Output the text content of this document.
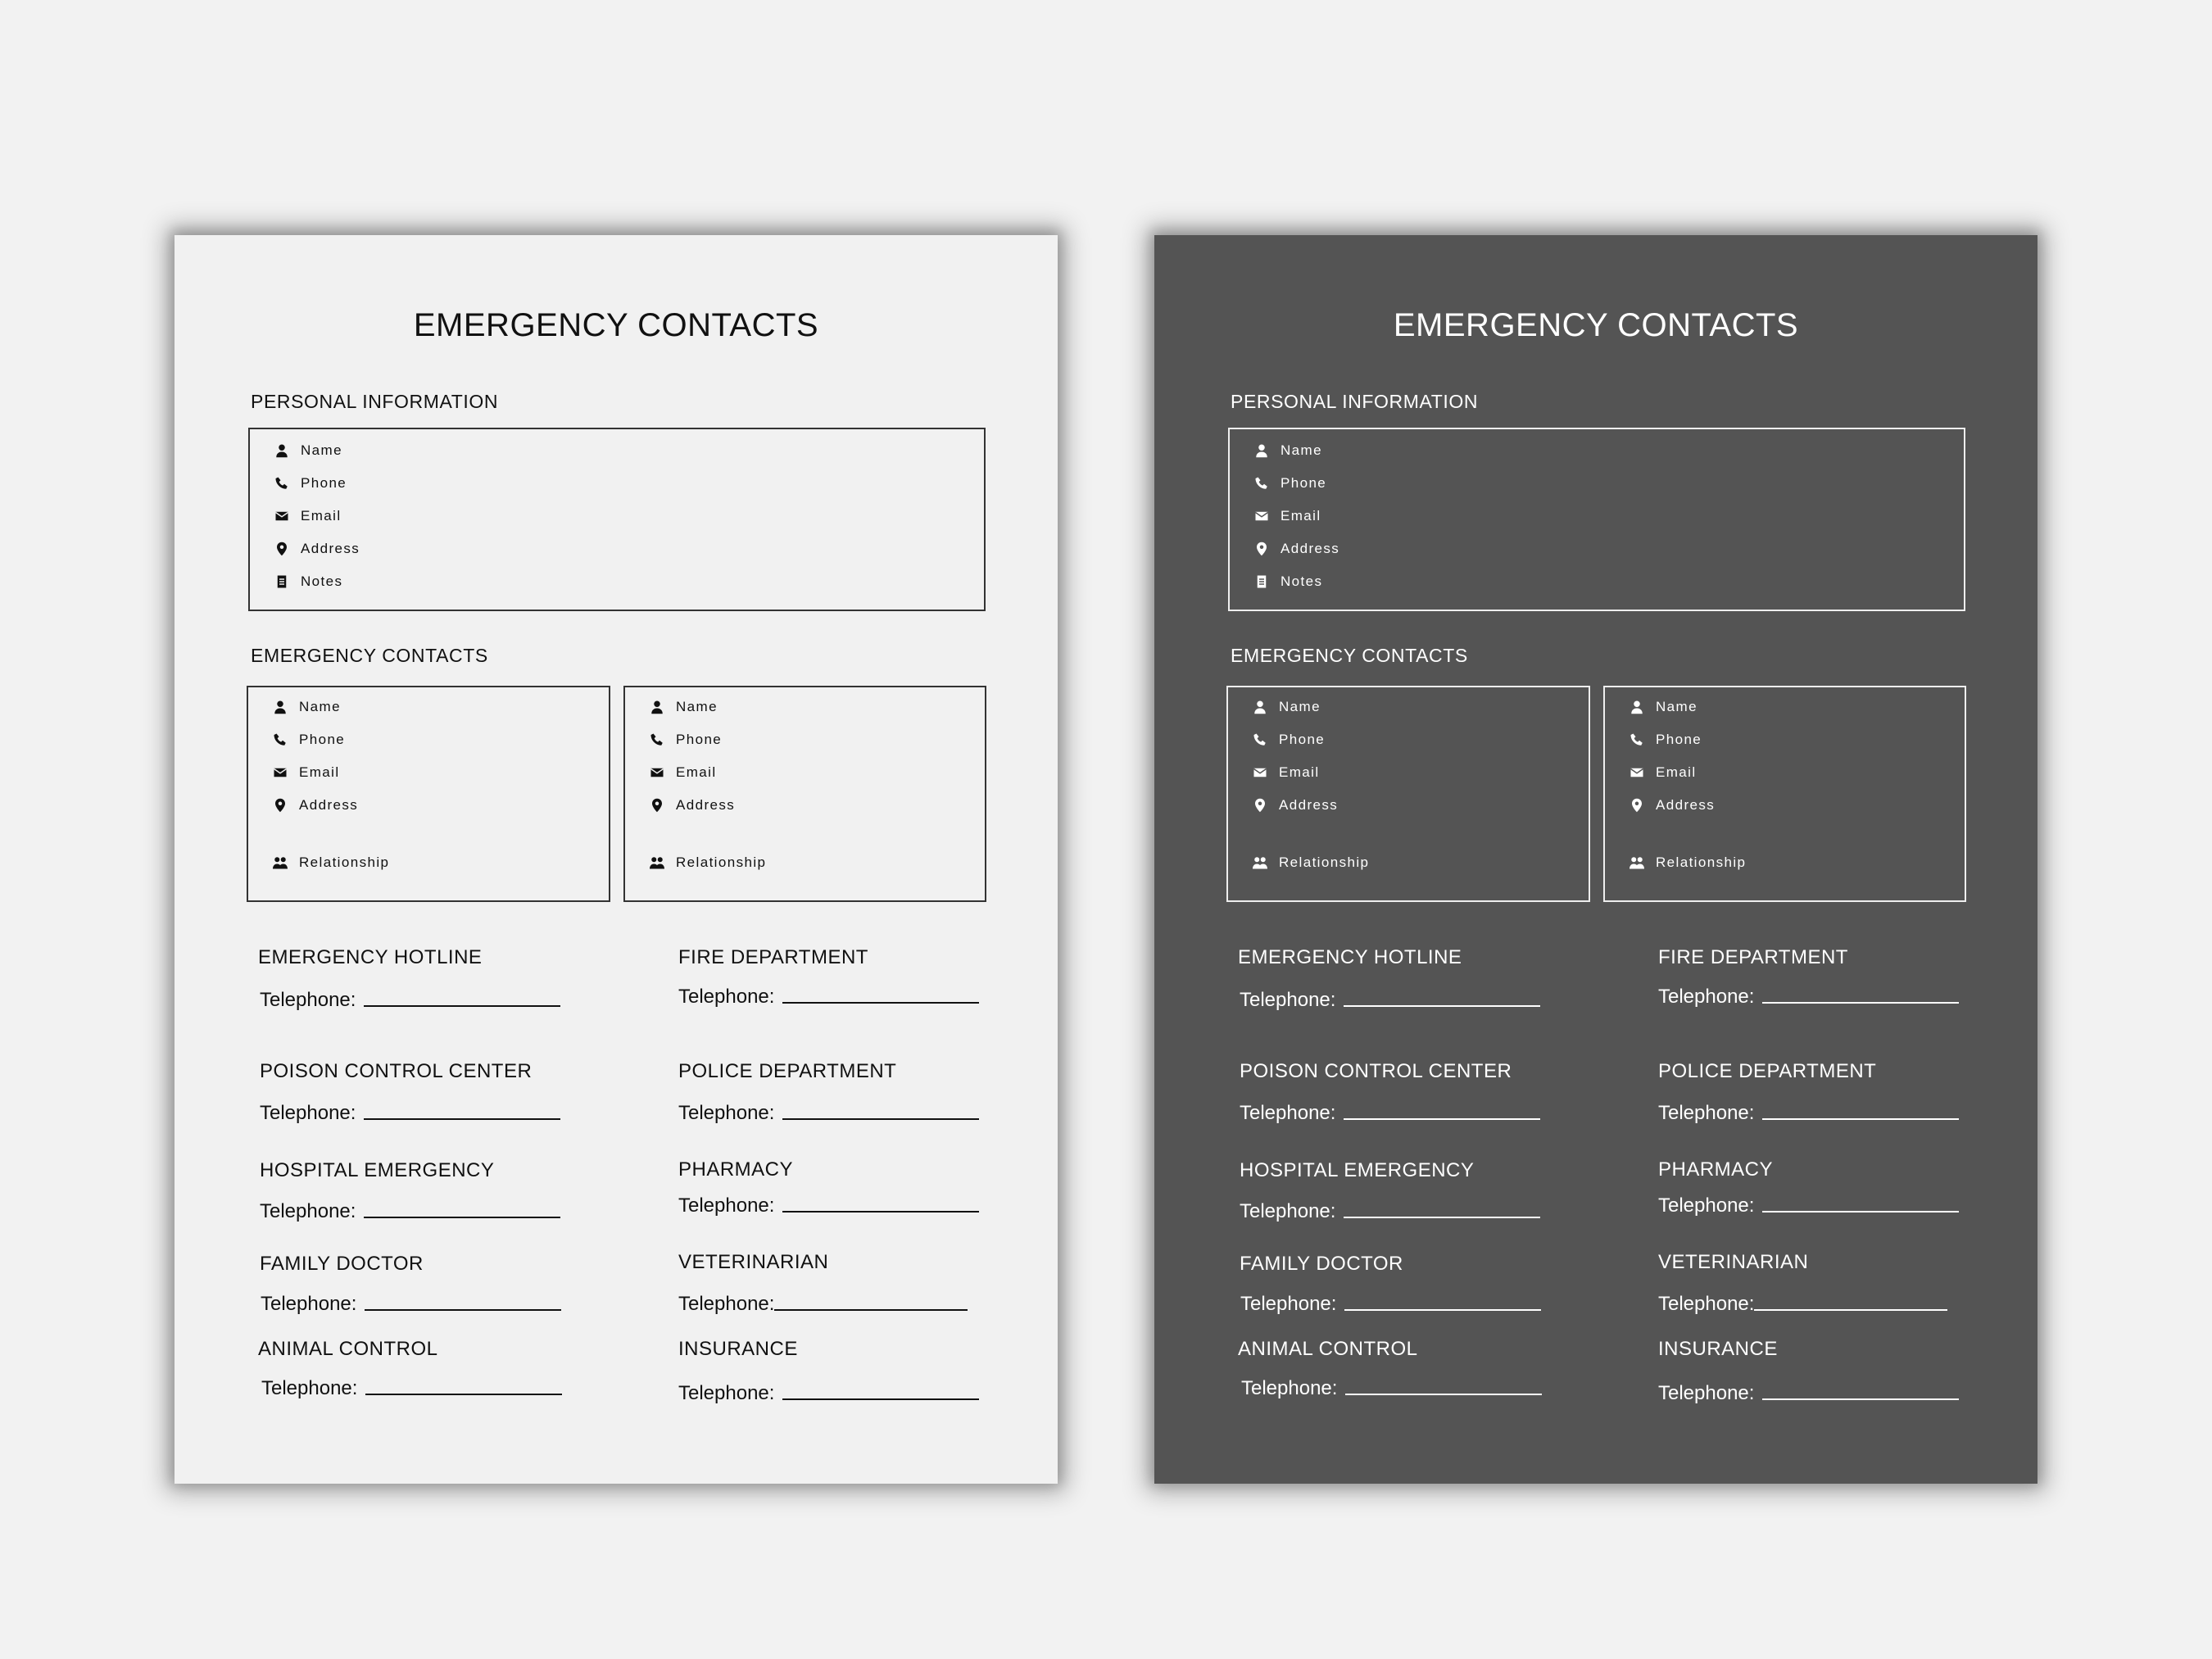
EMERGENCY CONTACTS
PERSONAL INFORMATION
Name
Phone
Email
Address
Notes
EMERGENCY CONTACTS
Name
Phone
Email
Address
Relationship
Name
Phone
Email
Address
Relationship
EMERGENCY HOTLINE
Telephone:
FIRE DEPARTMENT
Telephone:
POISON CONTROL CENTER
Telephone:
POLICE DEPARTMENT
Telephone:
HOSPITAL EMERGENCY
Telephone:
PHARMACY
Telephone:
FAMILY DOCTOR
Telephone:
VETERINARIAN
Telephone:
ANIMAL CONTROL
Telephone:
INSURANCE
Telephone:
EMERGENCY CONTACTS
PERSONAL INFORMATION
Name
Phone
Email
Address
Notes
EMERGENCY CONTACTS
Name
Phone
Email
Address
Relationship
Name
Phone
Email
Address
Relationship
EMERGENCY HOTLINE
Telephone:
FIRE DEPARTMENT
Telephone:
POISON CONTROL CENTER
Telephone:
POLICE DEPARTMENT
Telephone:
HOSPITAL EMERGENCY
Telephone:
PHARMACY
Telephone:
FAMILY DOCTOR
Telephone:
VETERINARIAN
Telephone:
ANIMAL CONTROL
Telephone:
INSURANCE
Telephone:
